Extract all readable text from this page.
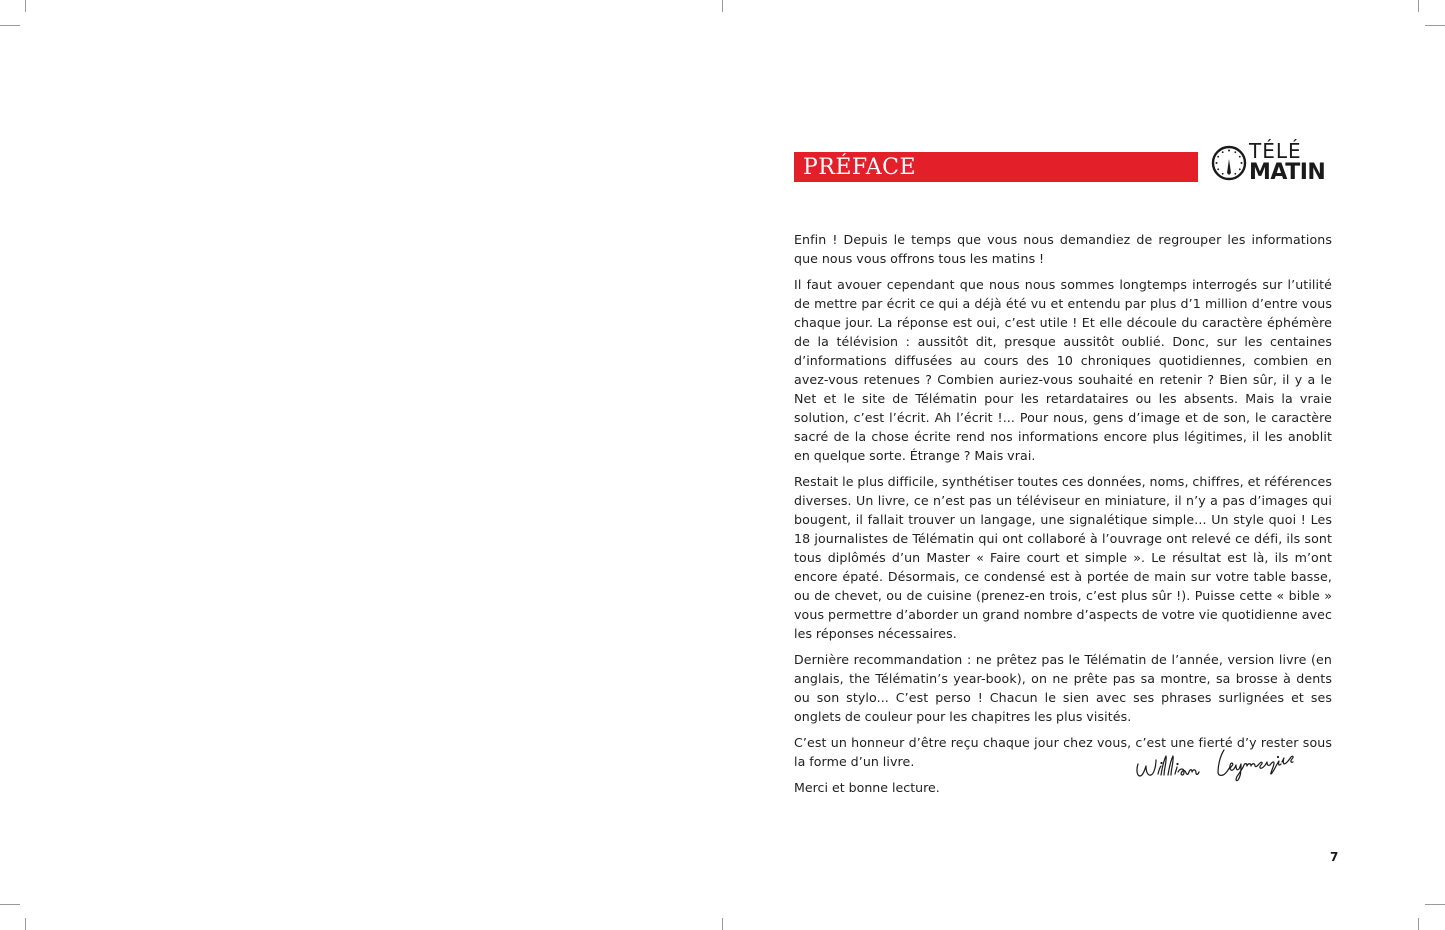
PRÉFACE
TÉLÉ
MATIN

Enfin ! Depuis le temps que vous nous demandiez de regrouper les informations que nous vous offrons tous les matins !

Il faut avouer cependant que nous nous sommes longtemps interrogés sur l’utilité de mettre par écrit ce qui a déjà été vu et entendu par plus d’1 million d’entre vous chaque jour. La réponse est oui, c’est utile ! Et elle découle du caractère éphémère de la télévision : aussitôt dit, presque aussitôt oublié. Donc, sur les centaines d’informations diffusées au cours des 10 chroniques quotidiennes, combien en avez-vous retenues ? Combien auriez-vous souhaité en retenir ? Bien sûr, il y a le Net et le site de Télématin pour les retardataires ou les absents. Mais la vraie solution, c’est l’écrit. Ah l’écrit !... Pour nous, gens d’image et de son, le caractère sacré de la chose écrite rend nos informations encore plus légitimes, il les anoblit en quelque sorte. Étrange ? Mais vrai.

Restait le plus difficile, synthétiser toutes ces données, noms, chiffres, et références diverses. Un livre, ce n’est pas un téléviseur en miniature, il n’y a pas d’images qui bougent, il fallait trouver un langage, une signalétique simple... Un style quoi ! Les 18 journalistes de Télématin qui ont collaboré à l’ouvrage ont relevé ce défi, ils sont tous diplômés d’un Master « Faire court et simple ». Le résultat est là, ils m’ont encore épaté. Désormais, ce condensé est à portée de main sur votre table basse, ou de chevet, ou de cuisine (prenez-en trois, c’est plus sûr !). Puisse cette « bible » vous permettre d’aborder un grand nombre d’aspects de votre vie quotidienne avec les réponses nécessaires.

Dernière recommandation : ne prêtez pas le Télématin de l’année, version livre (en anglais, the Télématin’s year-book), on ne prête pas sa montre, sa brosse à dents ou son stylo... C’est perso ! Chacun le sien avec ses phrases surlignées et ses onglets de couleur pour les chapitres les plus visités.

C’est un honneur d’être reçu chaque jour chez vous, c’est une fierté d’y rester sous la forme d’un livre.

Merci et bonne lecture.

7
